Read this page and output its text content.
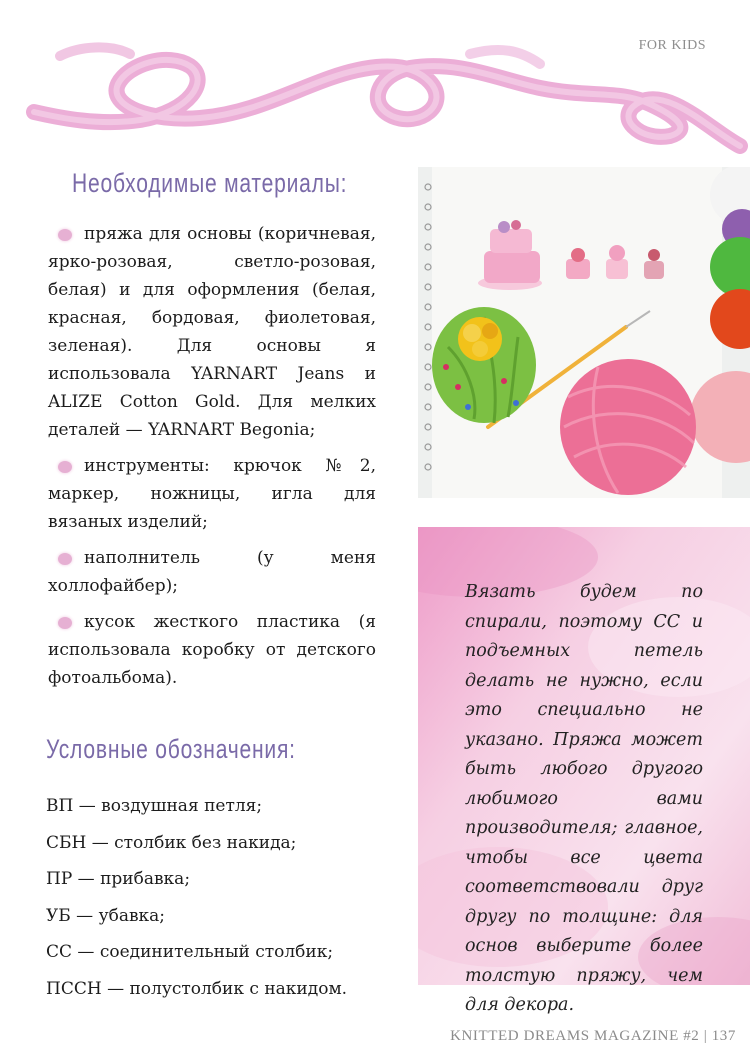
FOR KIDS
Необходимые материалы:
пряжа для основы (коричневая, ярко-розовая, светло-розовая, белая) и для оформления (белая, красная, бордовая, фиолетовая, зеленая). Для основы я использовала YARNART Jeans и ALIZE Cotton Gold. Для мелких деталей — YARNART Begonia;
инструменты: крючок №2, маркер, ножницы, игла для вязаных изделий;
наполнитель (у меня холлофайбер);
кусок жесткого пластика (я использовала коробку от детского фотоальбома).

Вязать будем по спирали, поэтому СС и подъемных петель делать не нужно, если это специально не указано. Пряжа может быть любого другого любимого вами производителя; главное, чтобы все цвета соответствовали друг другу по толщине: для основ выберите более толстую пряжу, чем для декора.

Условные обозначения:
ВП — воздушная петля;
СБН — столбик без накида;
ПР — прибавка;
УБ — убавка;
СС — соединительный столбик;
ПССН — полустолбик с накидом.
KNITTED DREAMS MAGAZINE #2 | 137
